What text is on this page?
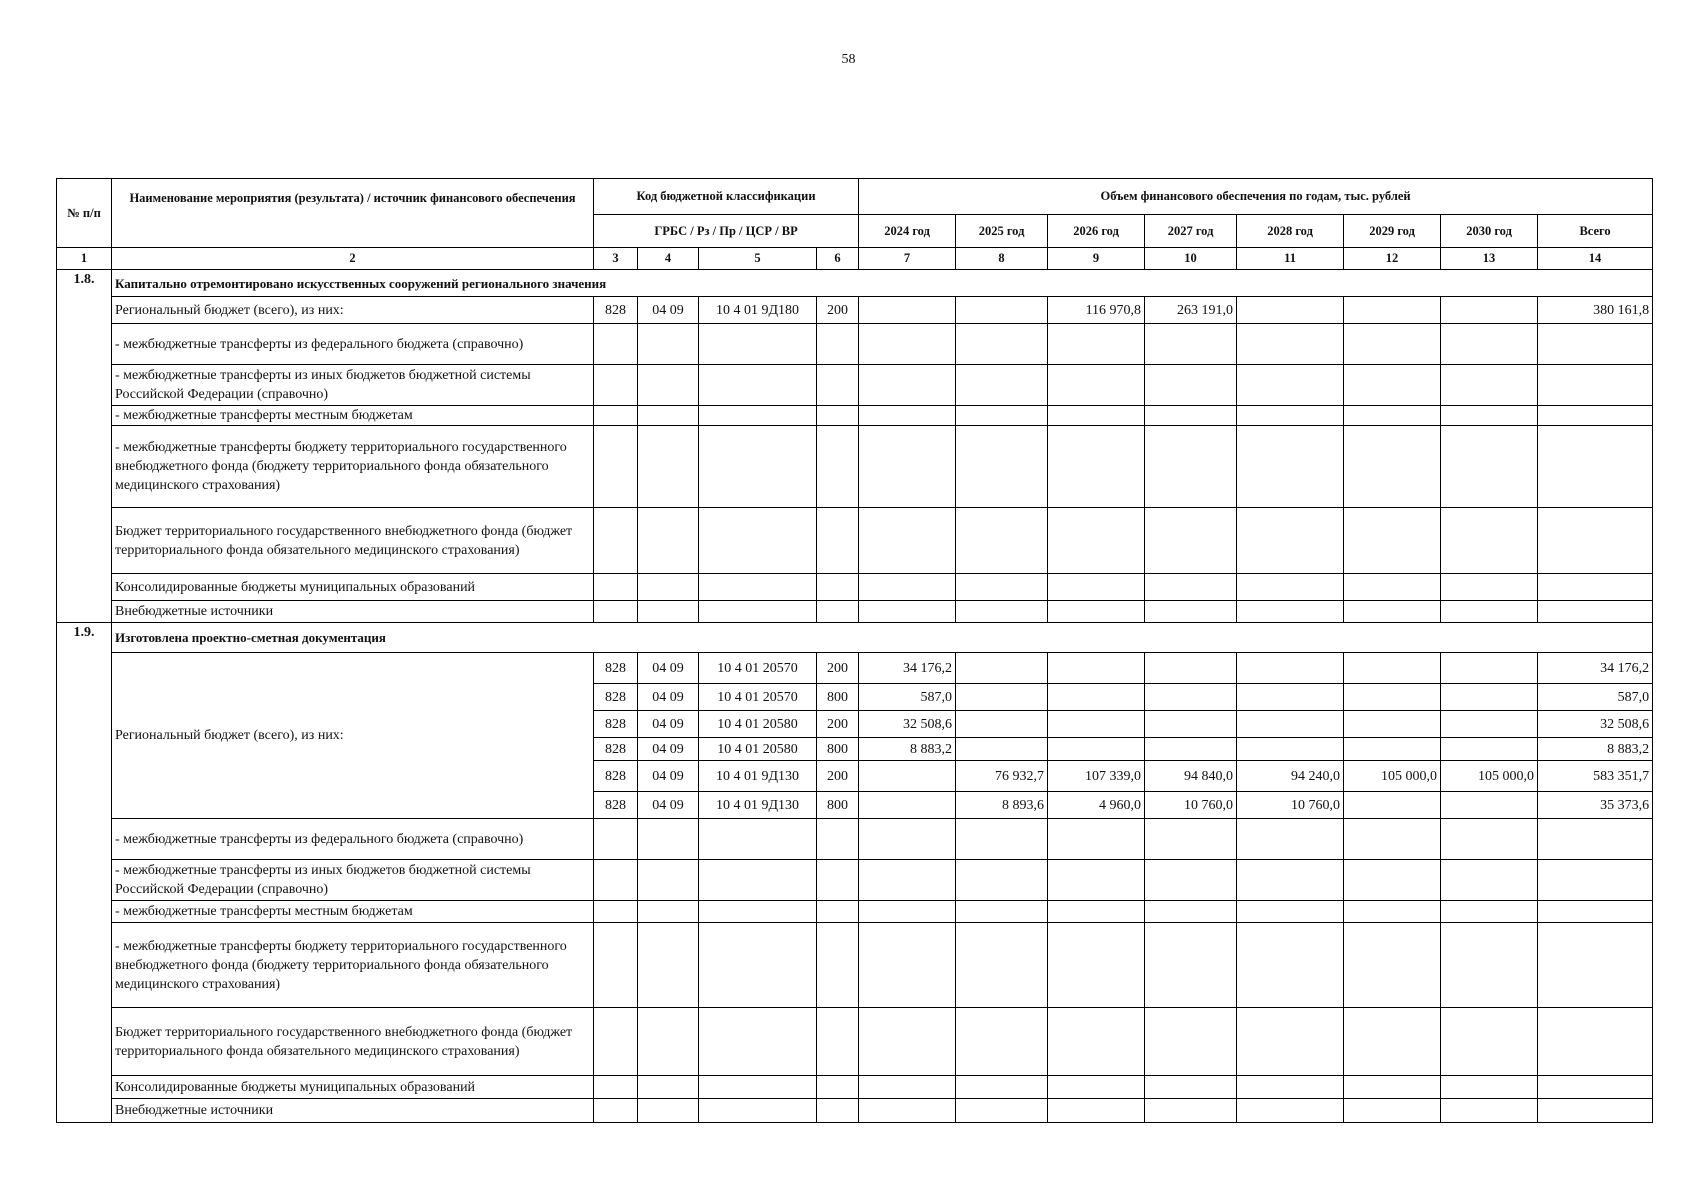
58
№ п/п	Наименование мероприятия (результата) / источник финансового обеспечения	Код бюджетной классификации				Объем финансового обеспечения по годам, тыс. рублей							
		ГРБС / Рз / Пр / ЦСР / ВР				2024 год	2025 год	2026 год	2027 год	2028 год	2029 год	2030 год	Всего
1	2	3	4	5	6	7	8	9	10	11	12	13	14
1.8.	Капитально отремонтировано искусственных сооружений регионального значения												
	Региональный бюджет (всего), из них:	828	04 09	10 4 01 9Д180	200			116 970,8	263 191,0				380 161,8
	- межбюджетные трансферты из федерального бюджета (справочно)												
	- межбюджетные трансферты из иных бюджетов бюджетной системы Российской Федерации (справочно)												
	- межбюджетные трансферты местным бюджетам												
	- межбюджетные трансферты бюджету территориального государственного внебюджетного фонда (бюджету территориального фонда обязательного медицинского страхования)												
	Бюджет территориального государственного внебюджетного фонда (бюджет территориального фонда обязательного медицинского страхования)												
	Консолидированные бюджеты муниципальных образований												
	Внебюджетные источники												
1.9.	Изготовлена проектно-сметная документация												
	Региональный бюджет (всего), из них:	828	04 09	10 4 01 20570	200	34 176,2							34 176,2
		828	04 09	10 4 01 20570	800	587,0							587,0
		828	04 09	10 4 01 20580	200	32 508,6							32 508,6
		828	04 09	10 4 01 20580	800	8 883,2							8 883,2
		828	04 09	10 4 01 9Д130	200		76 932,7	107 339,0	94 840,0	94 240,0	105 000,0	105 000,0	583 351,7
		828	04 09	10 4 01 9Д130	800		8 893,6	4 960,0	10 760,0	10 760,0			35 373,6
	- межбюджетные трансферты из федерального бюджета (справочно)												
	- межбюджетные трансферты из иных бюджетов бюджетной системы Российской Федерации (справочно)												
	- межбюджетные трансферты местным бюджетам												
	- межбюджетные трансферты бюджету территориального государственного внебюджетного фонда (бюджету территориального фонда обязательного медицинского страхования)												
	Бюджет территориального государственного внебюджетного фонда (бюджет территориального фонда обязательного медицинского страхования)												
	Консолидированные бюджеты муниципальных образований												
	Внебюджетные источники												
